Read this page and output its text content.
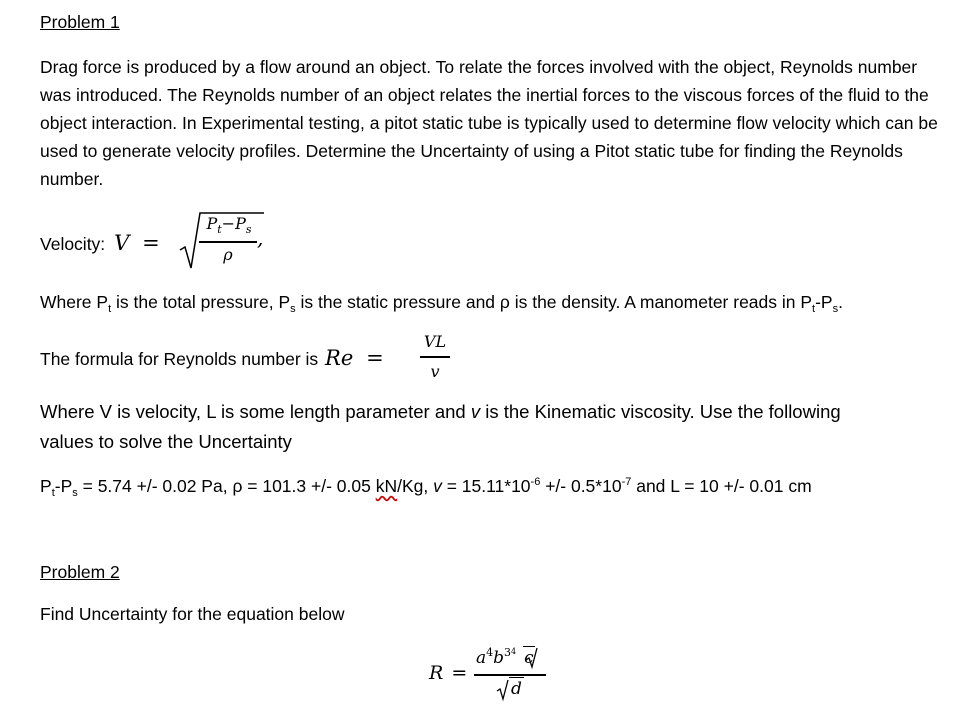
Problem 1
Drag force is produced by a flow around an object. To relate the forces involved with the object, Reynolds number was introduced. The Reynolds number of an object relates the inertial forces to the viscous forces of the fluid to the object interaction. In Experimental testing, a pitot static tube is typically used to determine flow velocity which can be used to generate velocity profiles. Determine the Uncertainty of using a Pitot static tube for finding the Reynolds number.
Velocity: V =
$P_t-P_s$
ρ
,
Where $P_t$ is the total pressure, $P_s$ is the static pressure and ρ is the density. A manometer reads in $P_t-P_s$.
The formula for Reynolds number is Re =
VL
v
Where V is velocity, L is some length parameter and v is the Kinematic viscosity. Use the following values to solve the Uncertainty
$P_t-P_s = 5.74$ +/- 0.02 Pa, ρ = 101.3 +/- 0.05 kN/Kg, $v = 15.11*10^{-6}$ +/- $0.5*10^{-7}$ and L = 10 +/- 0.01 cm
Problem 2
Find Uncertainty for the equation below
R =
$a^4b^{34}$ c
d
